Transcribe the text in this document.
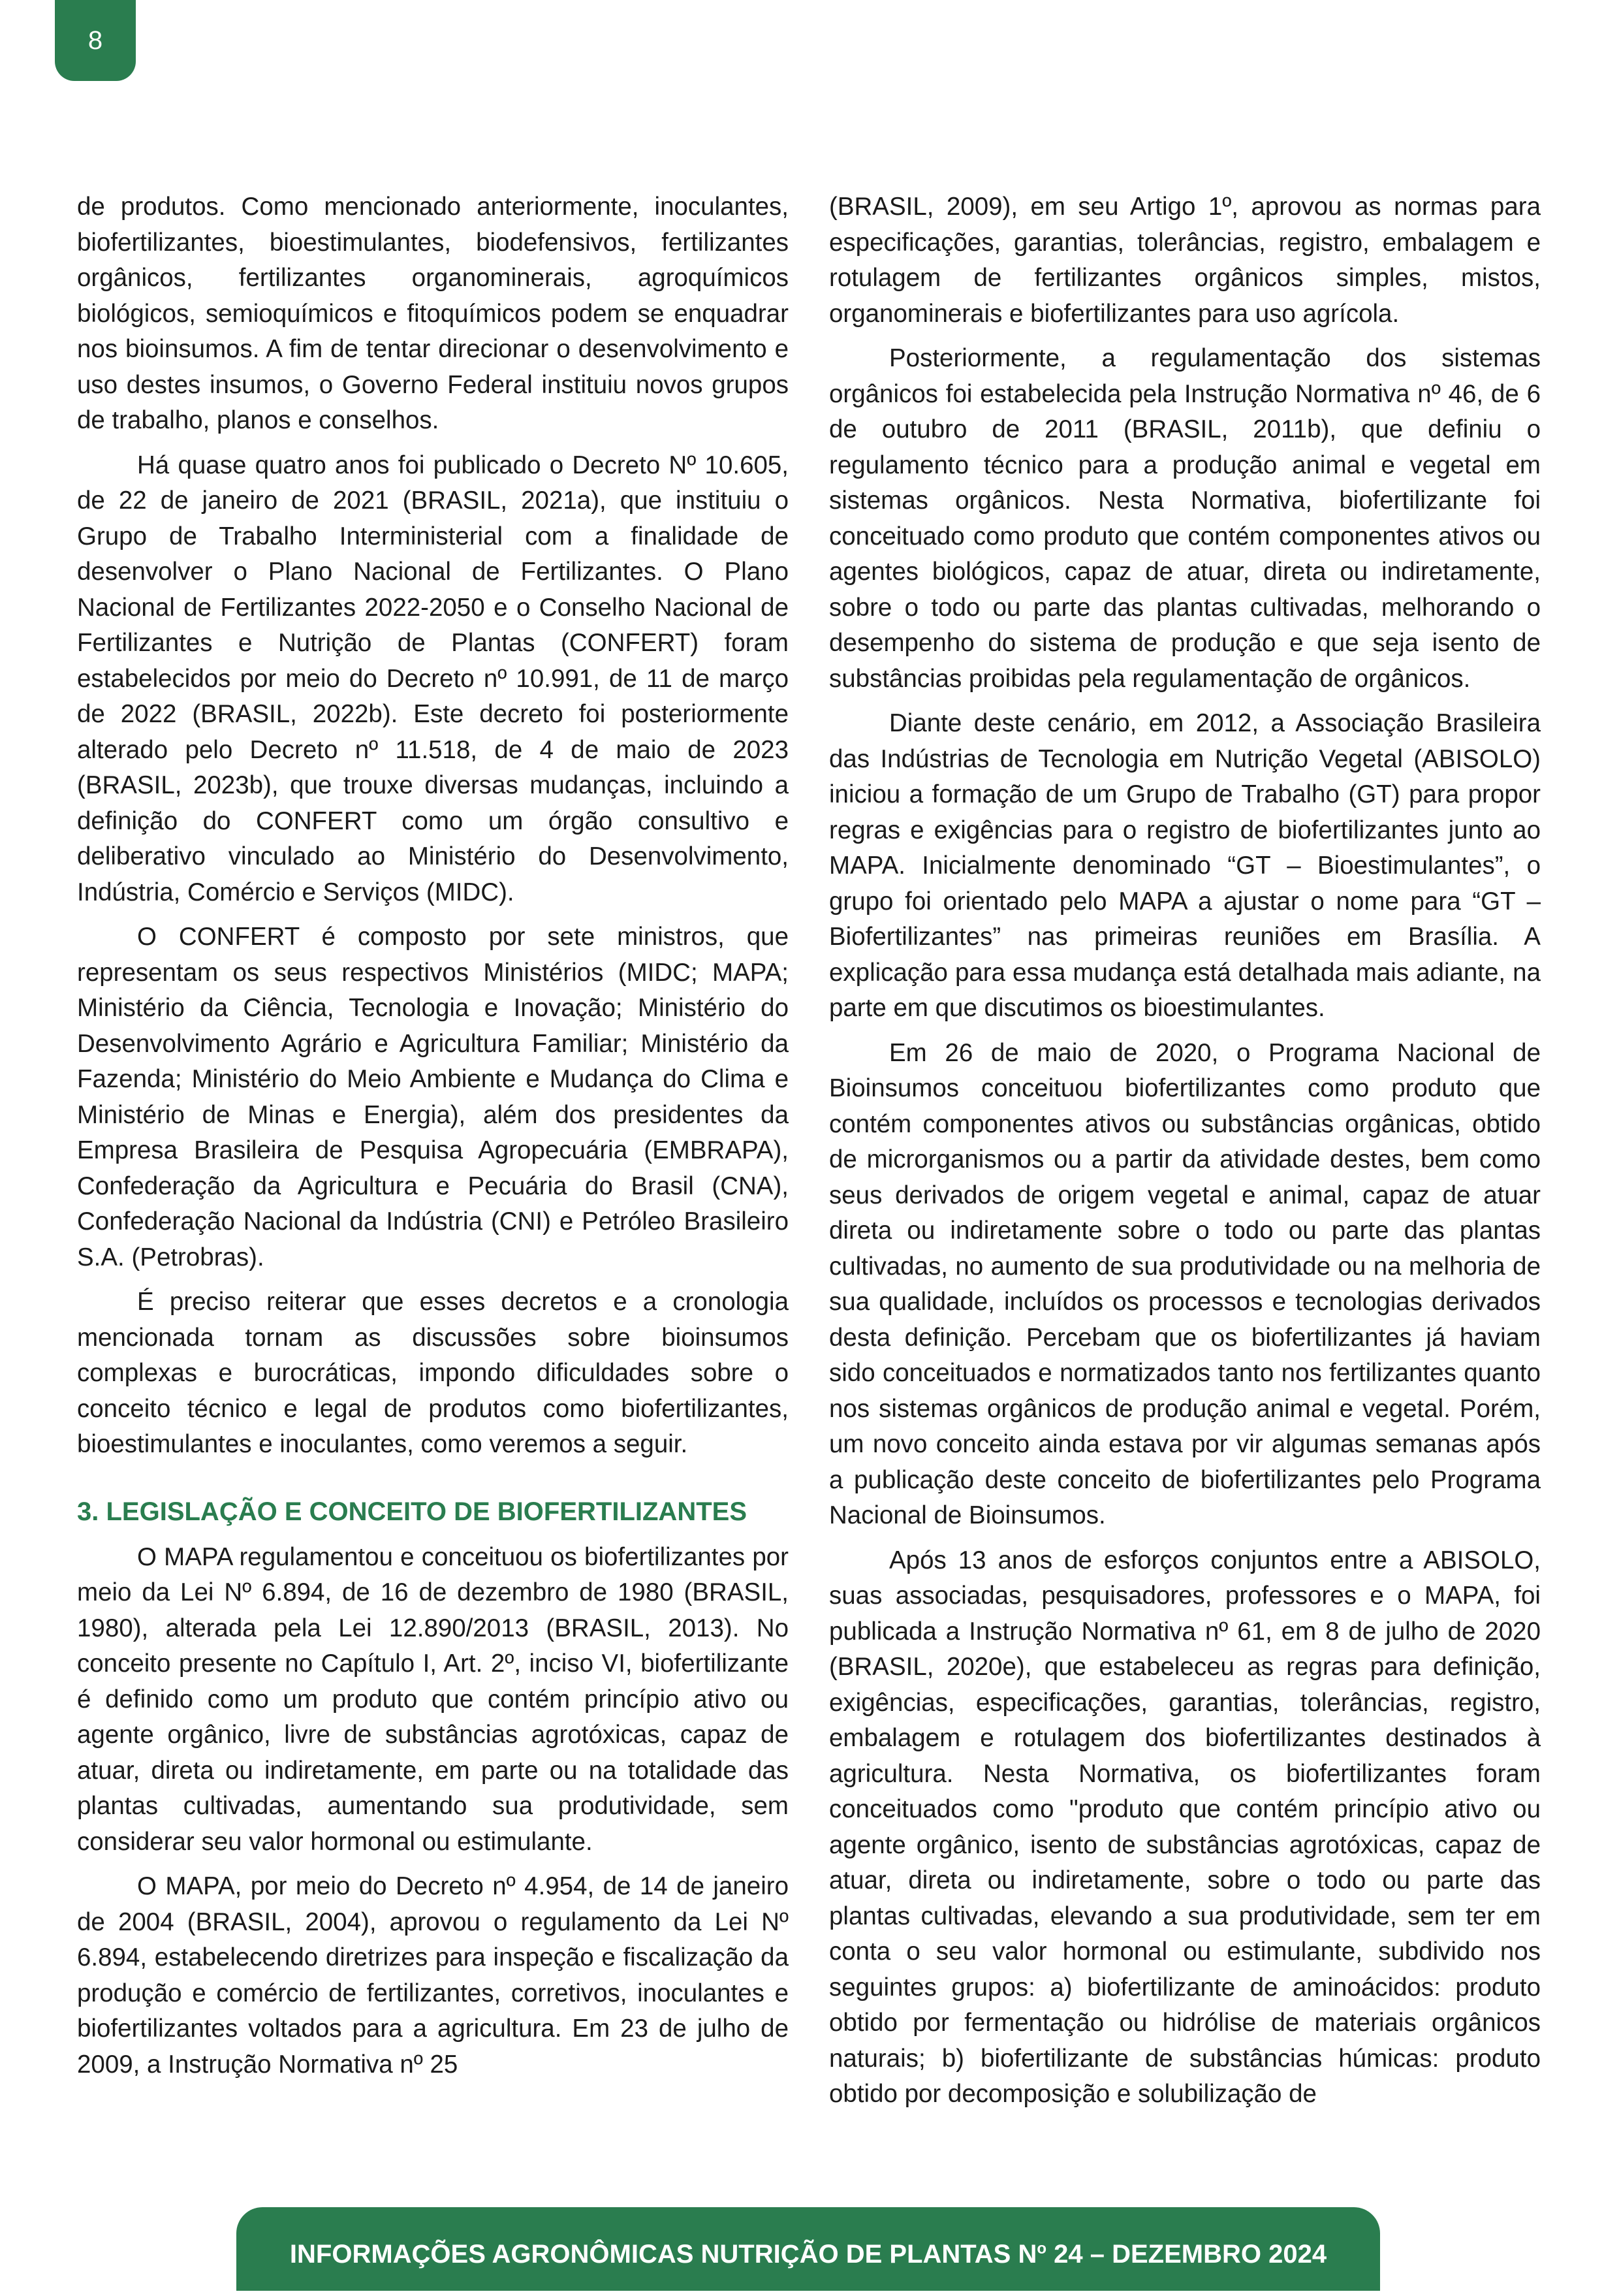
8

de produtos. Como mencionado anteriormente, inoculantes, biofertilizantes, bioestimulantes, biodefensivos, fertilizantes orgânicos, fertilizantes organominerais, agroquímicos biológicos, semioquímicos e fitoquímicos podem se enquadrar nos bioinsumos. A fim de tentar direcionar o desenvolvimento e uso destes insumos, o Governo Federal instituiu novos grupos de trabalho, planos e conselhos.

Há quase quatro anos foi publicado o Decreto Nº 10.605, de 22 de janeiro de 2021 (BRASIL, 2021a), que instituiu o Grupo de Trabalho Interministerial com a finalidade de desenvolver o Plano Nacional de Fertilizantes. O Plano Nacional de Fertilizantes 2022-2050 e o Conselho Nacional de Fertilizantes e Nutrição de Plantas (CONFERT) foram estabelecidos por meio do Decreto nº 10.991, de 11 de março de 2022 (BRASIL, 2022b). Este decreto foi posteriormente alterado pelo Decreto nº 11.518, de 4 de maio de 2023 (BRASIL, 2023b), que trouxe diversas mudanças, incluindo a definição do CONFERT como um órgão consultivo e deliberativo vinculado ao Ministério do Desenvolvimento, Indústria, Comércio e Serviços (MIDC).

O CONFERT é composto por sete ministros, que representam os seus respectivos Ministérios (MIDC; MAPA; Ministério da Ciência, Tecnologia e Inovação; Ministério do Desenvolvimento Agrário e Agricultura Familiar; Ministério da Fazenda; Ministério do Meio Ambiente e Mudança do Clima e Ministério de Minas e Energia), além dos presidentes da Empresa Brasileira de Pesquisa Agropecuária (EMBRAPA), Confederação da Agricultura e Pecuária do Brasil (CNA), Confederação Nacional da Indústria (CNI) e Petróleo Brasileiro S.A. (Petrobras).

É preciso reiterar que esses decretos e a cronologia mencionada tornam as discussões sobre bioinsumos complexas e burocráticas, impondo dificuldades sobre o conceito técnico e legal de produtos como biofertilizantes, bioestimulantes e inoculantes, como veremos a seguir.

3. LEGISLAÇÃO E CONCEITO DE BIOFERTILIZANTES

O MAPA regulamentou e conceituou os biofertilizantes por meio da Lei Nº 6.894, de 16 de dezembro de 1980 (BRASIL, 1980), alterada pela Lei 12.890/2013 (BRASIL, 2013). No conceito presente no Capítulo I, Art. 2º, inciso VI, biofertilizante é definido como um produto que contém princípio ativo ou agente orgânico, livre de substâncias agrotóxicas, capaz de atuar, direta ou indiretamente, em parte ou na totalidade das plantas cultivadas, aumentando sua produtividade, sem considerar seu valor hormonal ou estimulante.

O MAPA, por meio do Decreto nº 4.954, de 14 de janeiro de 2004 (BRASIL, 2004), aprovou o regulamento da Lei Nº 6.894, estabelecendo diretrizes para inspeção e fiscalização da produção e comércio de fertilizantes, corretivos, inoculantes e biofertilizantes voltados para a agricultura. Em 23 de julho de 2009, a Instrução Normativa nº 25

(BRASIL, 2009), em seu Artigo 1º, aprovou as normas para especificações, garantias, tolerâncias, registro, embalagem e rotulagem de fertilizantes orgânicos simples, mistos, organominerais e biofertilizantes para uso agrícola.

Posteriormente, a regulamentação dos sistemas orgânicos foi estabelecida pela Instrução Normativa nº 46, de 6 de outubro de 2011 (BRASIL, 2011b), que definiu o regulamento técnico para a produção animal e vegetal em sistemas orgânicos. Nesta Normativa, biofertilizante foi conceituado como produto que contém componentes ativos ou agentes biológicos, capaz de atuar, direta ou indiretamente, sobre o todo ou parte das plantas cultivadas, melhorando o desempenho do sistema de produção e que seja isento de substâncias proibidas pela regulamentação de orgânicos.

Diante deste cenário, em 2012, a Associação Brasileira das Indústrias de Tecnologia em Nutrição Vegetal (ABISOLO) iniciou a formação de um Grupo de Trabalho (GT) para propor regras e exigências para o registro de biofertilizantes junto ao MAPA. Inicialmente denominado “GT – Bioestimulantes”, o grupo foi orientado pelo MAPA a ajustar o nome para “GT – Biofertilizantes” nas primeiras reuniões em Brasília. A explicação para essa mudança está detalhada mais adiante, na parte em que discutimos os bioestimulantes.

Em 26 de maio de 2020, o Programa Nacional de Bioinsumos conceituou biofertilizantes como produto que contém componentes ativos ou substâncias orgânicas, obtido de microrganismos ou a partir da atividade destes, bem como seus derivados de origem vegetal e animal, capaz de atuar direta ou indiretamente sobre o todo ou parte das plantas cultivadas, no aumento de sua produtividade ou na melhoria de sua qualidade, incluídos os processos e tecnologias derivados desta definição. Percebam que os biofertilizantes já haviam sido conceituados e normatizados tanto nos fertilizantes quanto nos sistemas orgânicos de produção animal e vegetal. Porém, um novo conceito ainda estava por vir algumas semanas após a publicação deste conceito de biofertilizantes pelo Programa Nacional de Bioinsumos.

Após 13 anos de esforços conjuntos entre a ABISOLO, suas associadas, pesquisadores, professores e o MAPA, foi publicada a Instrução Normativa nº 61, em 8 de julho de 2020 (BRASIL, 2020e), que estabeleceu as regras para definição, exigências, especificações, garantias, tolerâncias, registro, embalagem e rotulagem dos biofertilizantes destinados à agricultura. Nesta Normativa, os biofertilizantes foram conceituados como "produto que contém princípio ativo ou agente orgânico, isento de substâncias agrotóxicas, capaz de atuar, direta ou indiretamente, sobre o todo ou parte das plantas cultivadas, elevando a sua produtividade, sem ter em conta o seu valor hormonal ou estimulante, subdivido nos seguintes grupos: a) biofertilizante de aminoácidos: produto obtido por fermentação ou hidrólise de materiais orgânicos naturais; b) biofertilizante de substâncias húmicas: produto obtido por decomposição e solubilização de

INFORMAÇÕES AGRONÔMICAS NUTRIÇÃO DE PLANTAS $N^o$ 24 – DEZEMBRO 2024
